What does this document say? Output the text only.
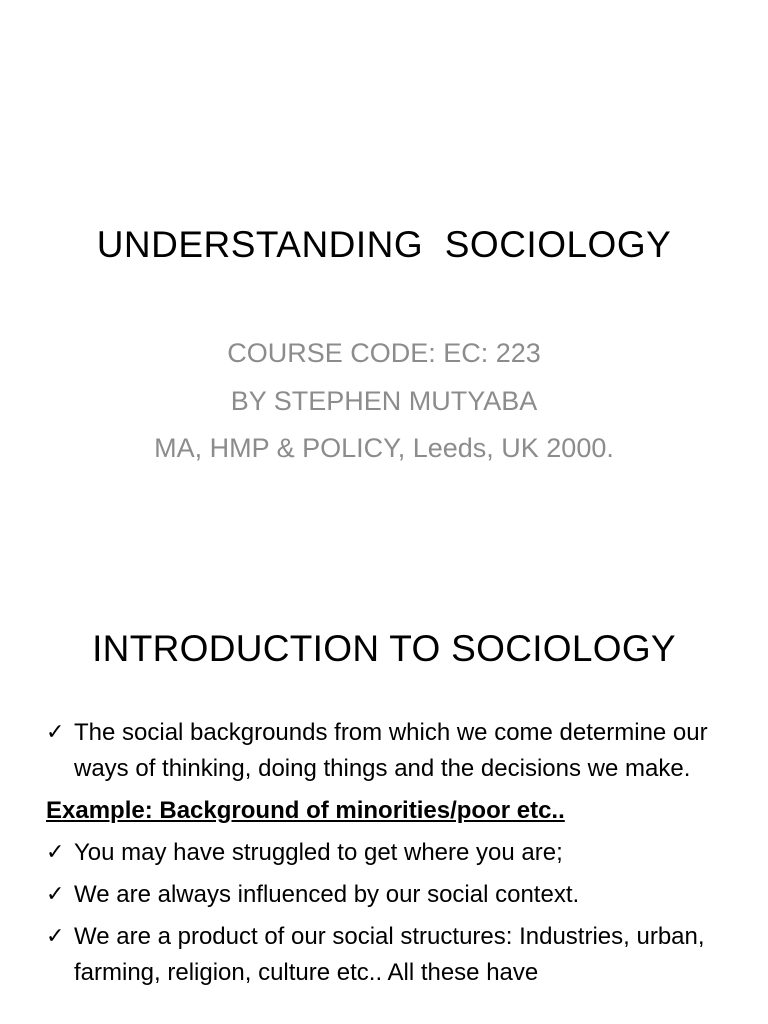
UNDERSTANDING  SOCIOLOGY
COURSE CODE: EC: 223
BY STEPHEN MUTYABA
MA, HMP & POLICY, Leeds, UK 2000.
INTRODUCTION TO SOCIOLOGY
✓ The social backgrounds from which we come determine our ways of thinking, doing things and the decisions we make.
Example: Background of minorities/poor etc..
✓ You may have struggled to get where you are;
✓ We are always influenced by our social context.
✓ We are a product of our social structures: Industries, urban, farming, religion, culture etc.. All these have
